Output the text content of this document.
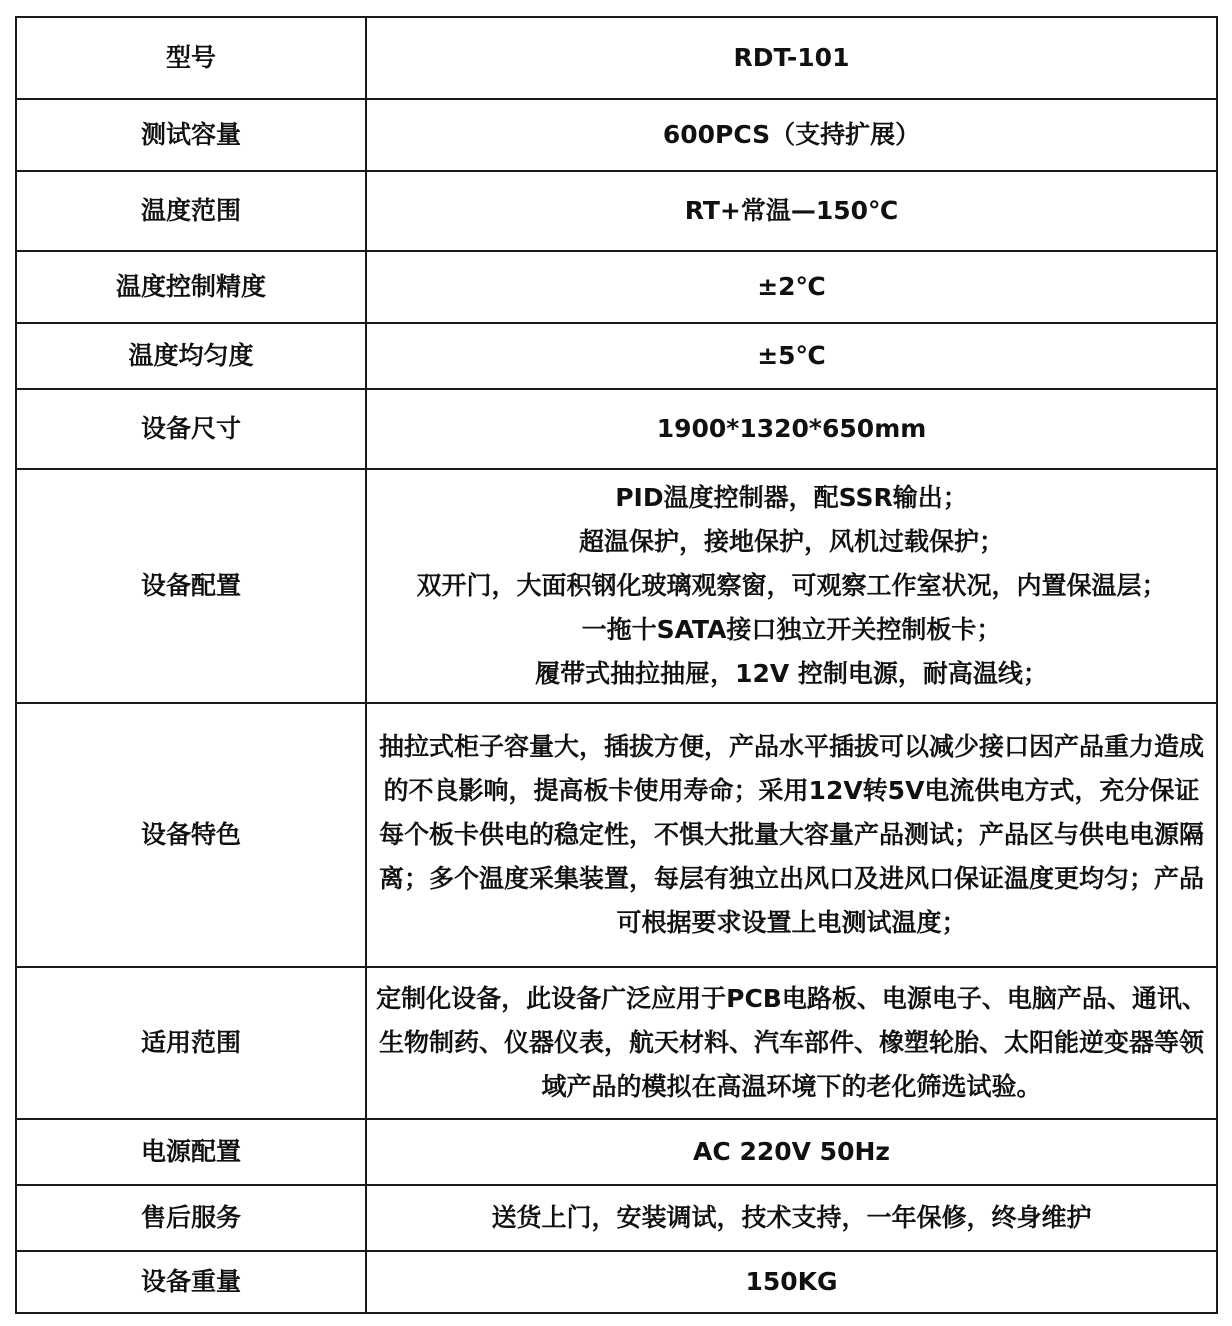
型号	RDT-101
测试容量	600PCS（支持扩展）
温度范围	RT+常温—150℃
温度控制精度	±2℃
温度均匀度	±5℃
设备尺寸	1900*1320*650mm
设备配置	PID温度控制器，配SSR输出；
超温保护，接地保护，风机过载保护；
双开门，大面积钢化玻璃观察窗，可观察工作室状况，内置保温层；
一拖十SATA接口独立开关控制板卡；
履带式抽拉抽屉，12V 控制电源，耐高温线；

设备特色	抽拉式柜子容量大，插拔方便，产品水平插拔可以减少接口因产品重力造成的不良影响，提高板卡使用寿命；采用12V转5V电流供电方式，充分保证每个板卡供电的稳定性，不惧大批量大容量产品测试；产品区与供电电源隔离；多个温度采集装置，每层有独立出风口及进风口保证温度更均匀；产品可根据要求设置上电测试温度；
适用范围	定制化设备，此设备广泛应用于PCB电路板、电源电子、电脑产品、通讯、生物制药、仪器仪表，航天材料、汽车部件、橡塑轮胎、太阳能逆变器等领域产品的模拟在高温环境下的老化筛选试验。
电源配置	AC 220V 50Hz
售后服务	送货上门，安装调试，技术支持，一年保修，终身维护
设备重量	150KG
